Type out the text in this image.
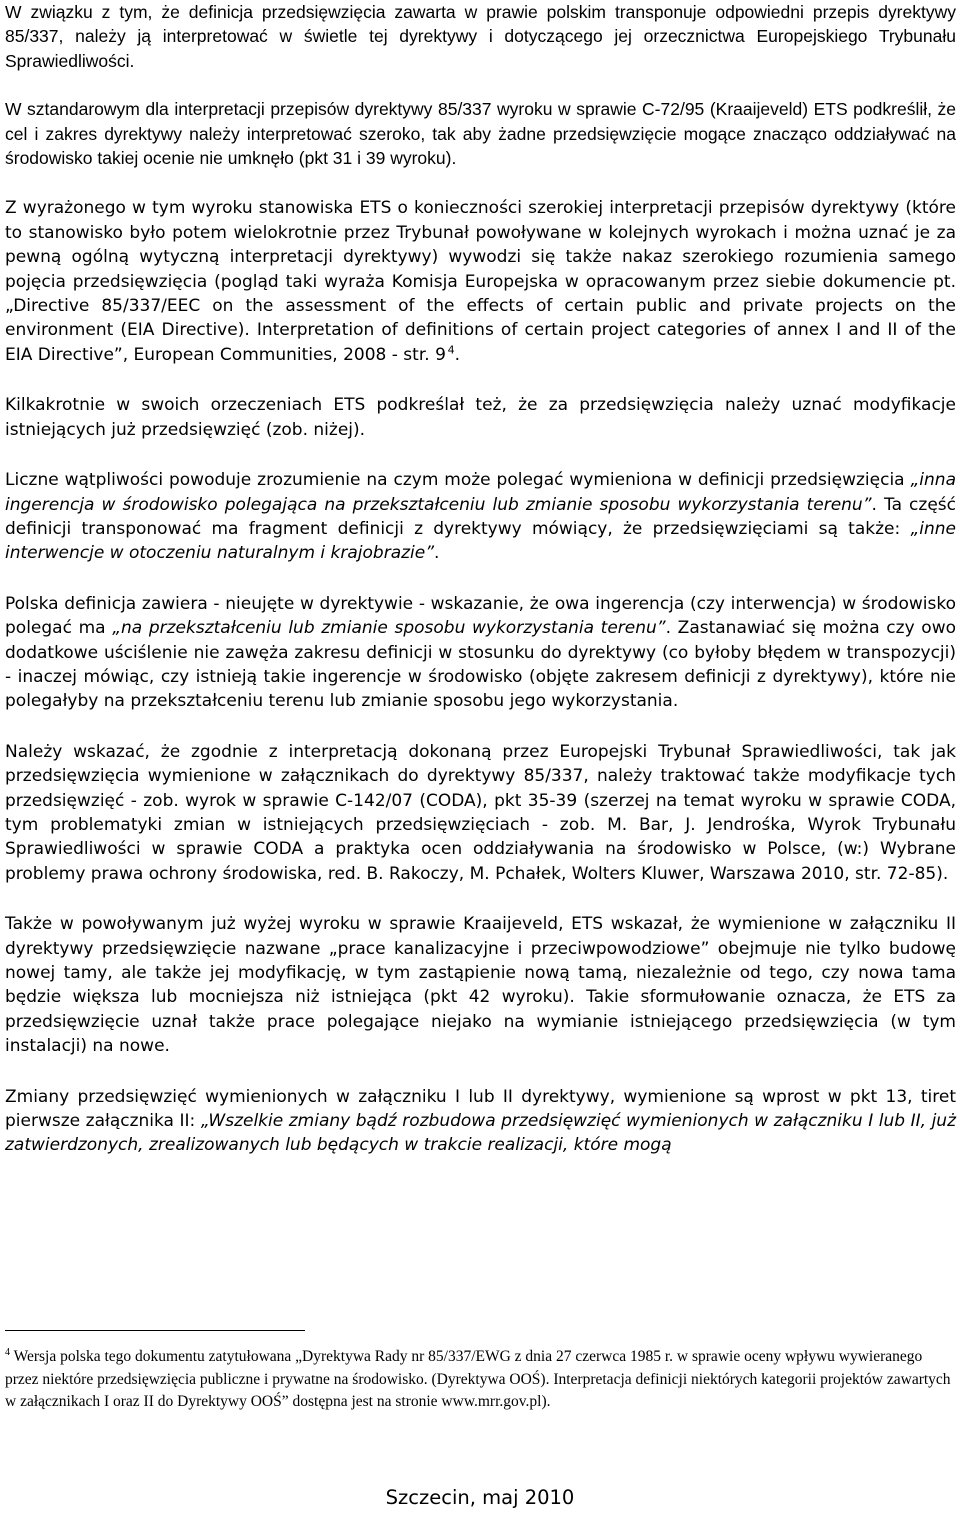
W związku z tym, że definicja przedsięwzięcia zawarta w prawie polskim transponuje odpowiedni przepis dyrektywy 85/337, należy ją interpretować w świetle tej dyrektywy i dotyczącego jej orzecznictwa Europejskiego Trybunału Sprawiedliwości.

W sztandarowym dla interpretacji przepisów dyrektywy 85/337 wyroku w sprawie C-72/95 (Kraaijeveld) ETS podkreślił, że cel i zakres dyrektywy należy interpretować szeroko, tak aby żadne przedsięwzięcie mogące znacząco oddziaływać na środowisko takiej ocenie nie umknęło (pkt 31 i 39 wyroku).

Z wyrażonego w tym wyroku stanowiska ETS o konieczności szerokiej interpretacji przepisów dyrektywy (które to stanowisko było potem wielokrotnie przez Trybunał powoływane w kolejnych wyrokach i można uznać je za pewną ogólną wytyczną interpretacji dyrektywy) wywodzi się także nakaz szerokiego rozumienia samego pojęcia przedsięwzięcia (pogląd taki wyraża Komisja Europejska w opracowanym przez siebie dokumencie pt. „Directive 85/337/EEC on the assessment of the effects of certain public and private projects on the environment (EIA Directive). Interpretation of definitions of certain project categories of annex I and II of the EIA Directive”, European Communities, 2008 - str. 9  $^4$.

Kilkakrotnie w swoich orzeczeniach ETS podkreślał też, że za przedsięwzięcia należy uznać modyfikacje istniejących już przedsięwzięć (zob. niżej).

Liczne wątpliwości powoduje zrozumienie na czym może polegać wymieniona w definicji przedsięwzięcia „inna ingerencja w środowisko polegająca na przekształceniu lub zmianie sposobu wykorzystania terenu”. Ta część definicji transponować ma fragment definicji z dyrektywy mówiący, że przedsięwzięciami są także: „inne interwencje w otoczeniu naturalnym i krajobrazie”.

Polska definicja zawiera - nieujęte w dyrektywie - wskazanie, że owa ingerencja (czy interwencja) w środowisko polegać ma „na przekształceniu lub zmianie sposobu wykorzystania terenu”. Zastanawiać się można czy owo dodatkowe uściślenie nie zawęża zakresu definicji w stosunku do dyrektywy (co byłoby błędem w transpozycji) - inaczej mówiąc, czy istnieją takie ingerencje w środowisko (objęte zakresem definicji z dyrektywy), które nie polegałyby na przekształceniu terenu lub zmianie sposobu jego wykorzystania.

Należy wskazać, że zgodnie z interpretacją dokonaną przez Europejski Trybunał Sprawiedliwości, tak jak przedsięwzięcia wymienione w załącznikach do dyrektywy 85/337, należy traktować także modyfikacje tych przedsięwzięć - zob. wyrok w sprawie C-142/07 (CODA), pkt 35-39 (szerzej na temat wyroku w sprawie CODA, tym problematyki zmian w istniejących przedsięwzięciach - zob. M. Bar, J. Jendrośka, Wyrok Trybunału Sprawiedliwości w sprawie CODA a praktyka ocen oddziaływania na środowisko w Polsce, (w:) Wybrane problemy prawa ochrony środowiska, red. B. Rakoczy, M. Pchałek, Wolters Kluwer, Warszawa 2010, str. 72-85).

Także w powoływanym już wyżej wyroku w sprawie Kraaijeveld, ETS wskazał, że wymienione w załączniku II dyrektywy przedsięwzięcie nazwane „prace kanalizacyjne i przeciwpowodziowe” obejmuje nie tylko budowę nowej tamy, ale także jej modyfikację, w tym zastąpienie nową tamą, niezależnie od tego, czy nowa tama będzie większa lub mocniejsza niż istniejąca (pkt 42 wyroku). Takie sformułowanie oznacza, że ETS za przedsięwzięcie uznał także prace polegające niejako na wymianie istniejącego przedsięwzięcia (w tym instalacji) na nowe.

Zmiany przedsięwzięć wymienionych w załączniku I lub II dyrektywy, wymienione są wprost w pkt 13, tiret pierwsze załącznika II: „Wszelkie zmiany bądź rozbudowa przedsięwzięć wymienionych w załączniku I lub II, już zatwierdzonych, zrealizowanych lub będących w trakcie realizacji, które mogą

$^4$ Wersja polska tego dokumentu zatytułowana „Dyrektywa Rady nr 85/337/EWG z dnia 27 czerwca 1985 r. w sprawie oceny wpływu wywieranego przez niektóre przedsięwzięcia publiczne i prywatne na środowisko. (Dyrektywa OOŚ). Interpretacja definicji niektórych kategorii projektów zawartych w załącznikach I oraz II do Dyrektywy OOŚ” dostępna jest na stronie www.mrr.gov.pl).

Szczecin, maj 2010
